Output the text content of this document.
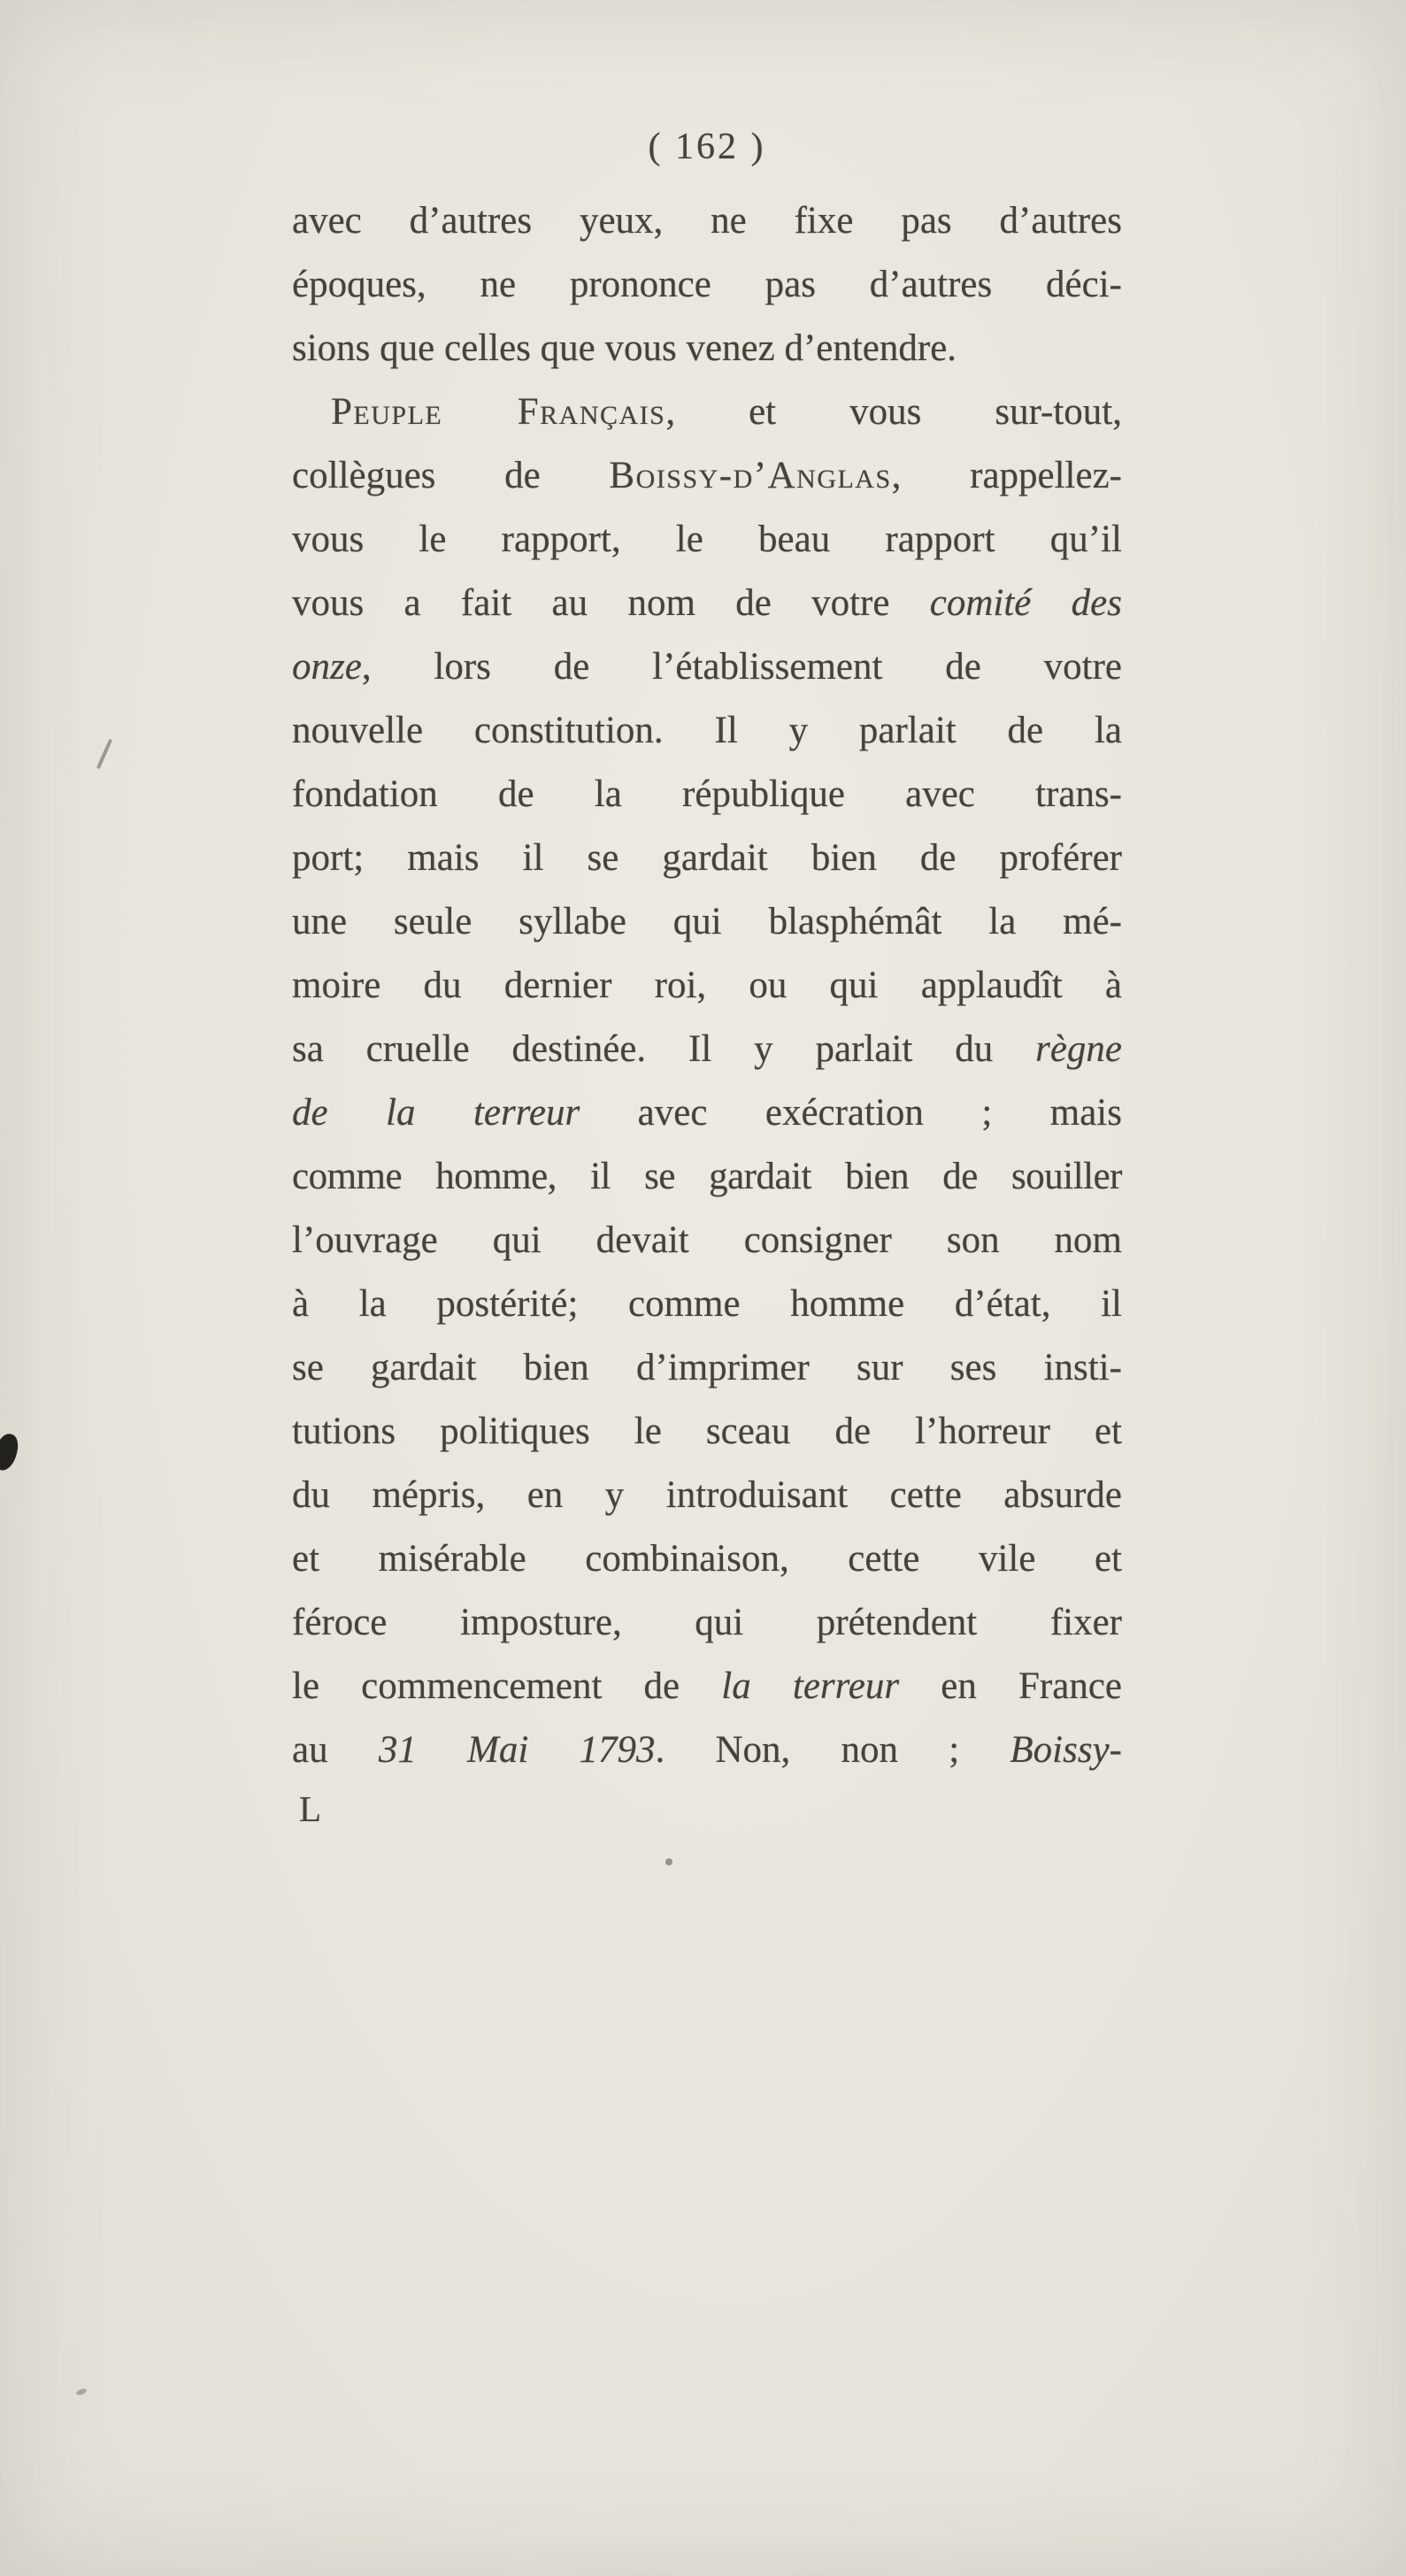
( 162 )
avec d’autres yeux, ne fixe pas d’autres
époques, ne prononce pas d’autres déci-
sions que celles que vous venez d’entendre.
Peuple Français, et vous sur-tout,
collègues de Boissy-d’Anglas, rappellez-
vous le rapport, le beau rapport qu’il
vous a fait au nom de votre comité des
onze, lors de l’établissement de votre
nouvelle constitution. Il y parlait de la
fondation de la république avec trans-
port; mais il se gardait bien de proférer
une seule syllabe qui blasphémât la mé-
moire du dernier roi, ou qui applaudît à
sa cruelle destinée. Il y parlait du règne
de la terreur avec exécration ; mais
comme homme, il se gardait bien de souiller
l’ouvrage qui devait consigner son nom
à la postérité; comme homme d’état, il
se gardait bien d’imprimer sur ses insti-
tutions politiques le sceau de l’horreur et
du mépris, en y introduisant cette absurde
et misérable combinaison, cette vile et
féroce imposture, qui prétendent fixer
le commencement de la terreur en France
au 31 Mai 1793. Non, non ; Boissy-
L
